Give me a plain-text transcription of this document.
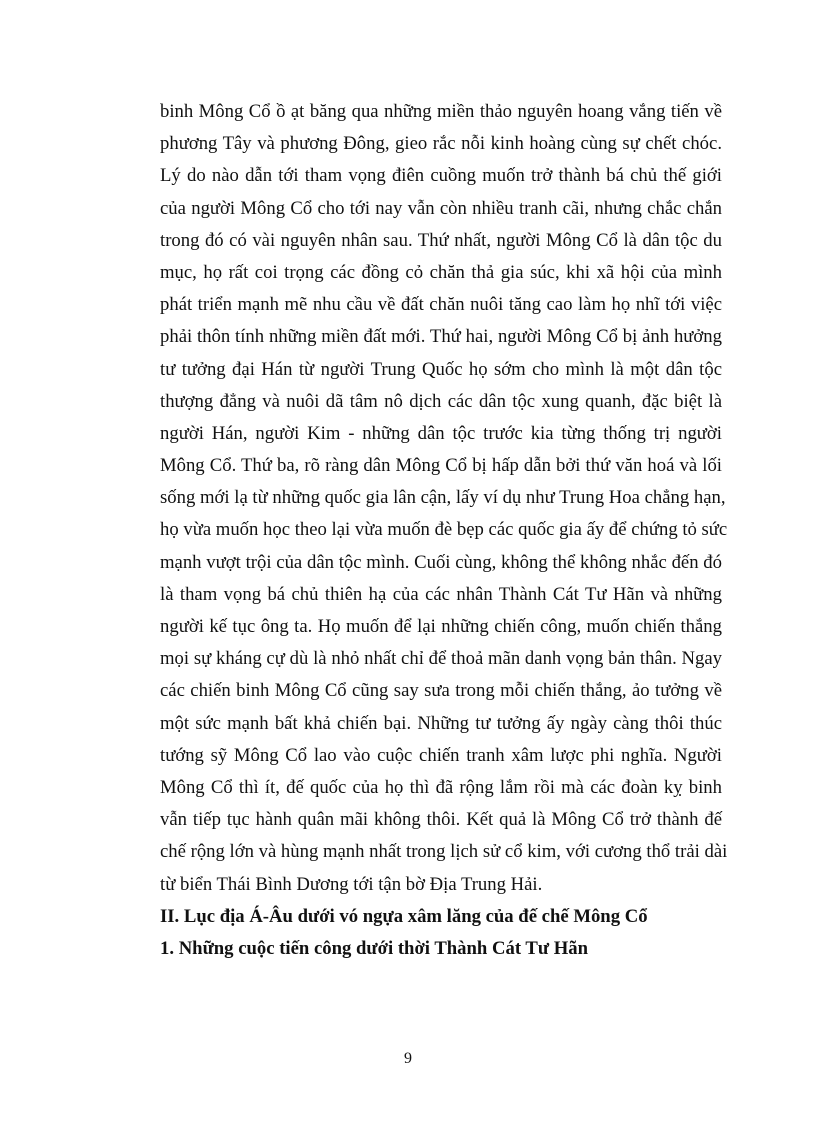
binh Mông Cổ ồ ạt băng qua những miền thảo nguyên hoang vắng tiến về
phương Tây và phương Đông, gieo rắc nỗi kinh hoàng cùng sự chết chóc.
Lý do nào dẫn tới tham vọng điên cuồng muốn trở thành bá chủ thế giới
của người Mông Cổ cho tới nay vẫn còn nhiều tranh cãi, nhưng chắc chắn
trong đó có vài nguyên nhân sau. Thứ nhất, người Mông Cổ là dân tộc du
mục, họ rất coi trọng các đồng cỏ chăn thả gia súc, khi xã hội của mình
phát triển mạnh mẽ nhu cầu về đất chăn nuôi tăng cao làm họ nhĩ tới việc
phải thôn tính những miền đất mới. Thứ hai, người Mông Cổ bị ảnh hưởng
tư tưởng đại Hán từ người Trung Quốc họ sớm cho mình là một dân tộc
thượng đẳng và nuôi dã tâm nô dịch các dân tộc xung quanh, đặc biệt là
người Hán, người Kim - những dân tộc trước kia từng thống trị người
Mông Cổ. Thứ ba, rõ ràng dân Mông Cổ bị hấp dẫn bởi thứ văn hoá và lối
sống mới lạ từ những quốc gia lân cận, lấy ví dụ như Trung Hoa chẳng hạn,
họ vừa muốn học theo lại vừa muốn đè bẹp các quốc gia ấy để chứng tỏ sức
mạnh vượt trội của dân tộc mình. Cuối cùng, không thể không nhắc đến đó
là tham vọng bá chủ thiên hạ của các nhân Thành Cát Tư Hãn và những
người kế tục ông ta. Họ muốn để lại những chiến công, muốn chiến thắng
mọi sự kháng cự dù là nhỏ nhất chỉ để thoả mãn danh vọng bản thân. Ngay
các chiến binh Mông Cổ cũng say sưa trong mỗi chiến thắng, ảo tưởng về
một sức mạnh bất khả chiến bại. Những tư tưởng ấy ngày càng thôi thúc
tướng sỹ Mông Cổ lao vào cuộc chiến tranh xâm lược phi nghĩa. Người
Mông Cổ thì ít, đế quốc của họ thì đã rộng lắm rồi mà các đoàn kỵ binh
vẫn tiếp tục hành quân mãi không thôi. Kết quả là Mông Cổ trở thành đế
chế rộng lớn và hùng mạnh nhất trong lịch sử cổ kim, với cương thổ trải dài
từ biển Thái Bình Dương tới tận bờ Địa Trung Hải.
II. Lục địa Á-Âu dưới vó ngựa xâm lăng của đế chế Mông Cổ
1. Những cuộc tiến công dưới thời Thành Cát Tư Hãn
9
